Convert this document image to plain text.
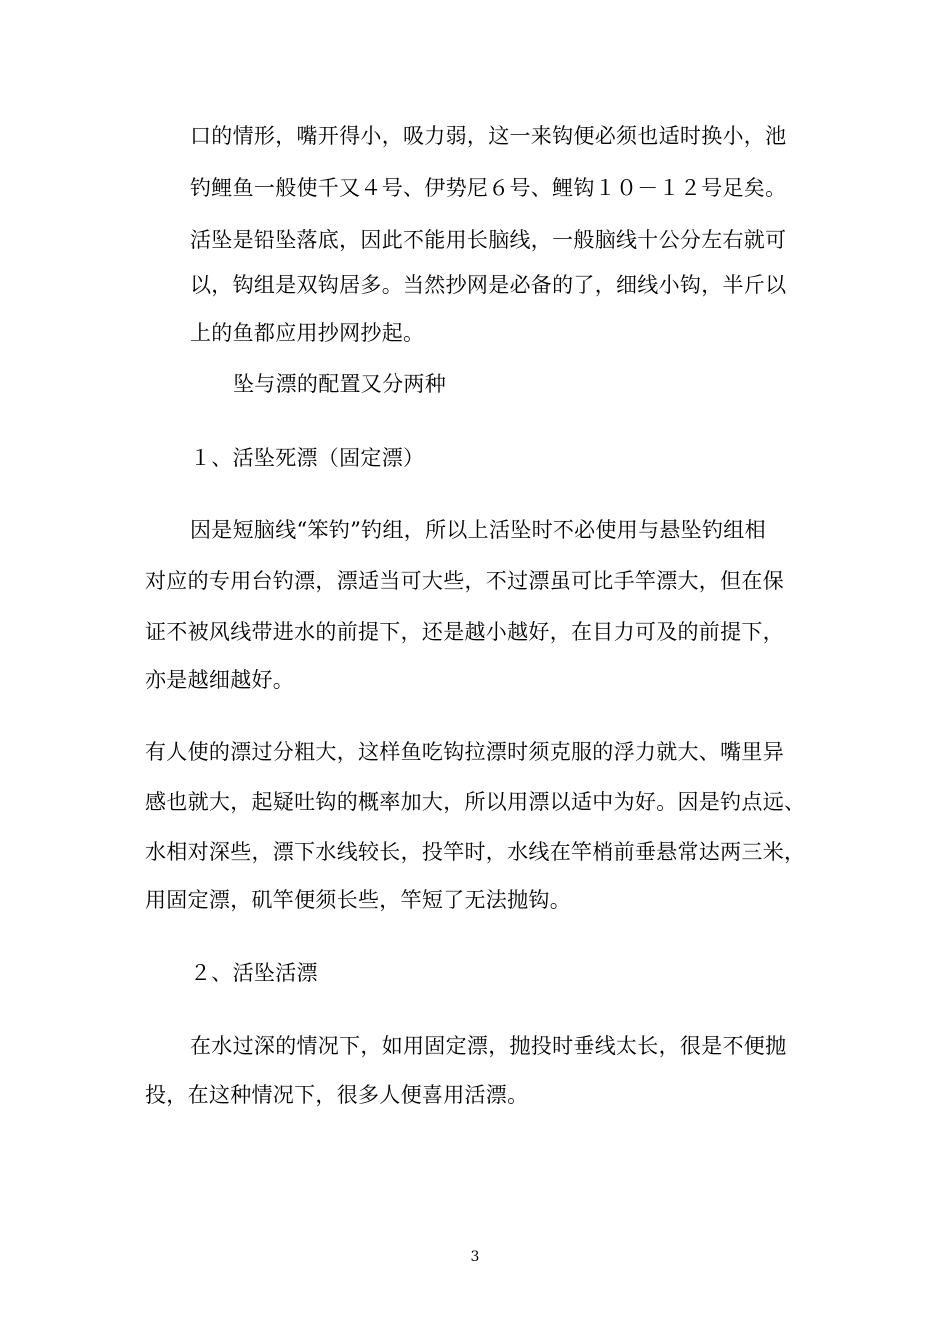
口的情形，嘴开得小，吸力弱，这一来钩便必须也适时换小，池
钓鲤鱼一般使千又４号、伊势尼６号、鲤钩１０－１２号足矣。
活坠是铅坠落底，因此不能用长脑线，一般脑线十公分左右就可
以，钩组是双钩居多。当然抄网是必备的了，细线小钩，半斤以
上的鱼都应用抄网抄起。
坠与漂的配置又分两种
１、活坠死漂（固定漂）
因是短脑线“笨钓”钓组，所以上活坠时不必使用与悬坠钓组相
对应的专用台钓漂，漂适当可大些，不过漂虽可比手竿漂大，但在保
证不被风线带进水的前提下，还是越小越好，在目力可及的前提下，
亦是越细越好。
有人使的漂过分粗大，这样鱼吃钩拉漂时须克服的浮力就大、嘴里异
感也就大，起疑吐钩的概率加大，所以用漂以适中为好。因是钓点远、
水相对深些，漂下水线较长，投竿时，水线在竿梢前垂悬常达两三米，
用固定漂，矶竿便须长些，竿短了无法抛钩。
２、活坠活漂
在水过深的情况下，如用固定漂，抛投时垂线太长，很是不便抛
投，在这种情况下，很多人便喜用活漂。
3
